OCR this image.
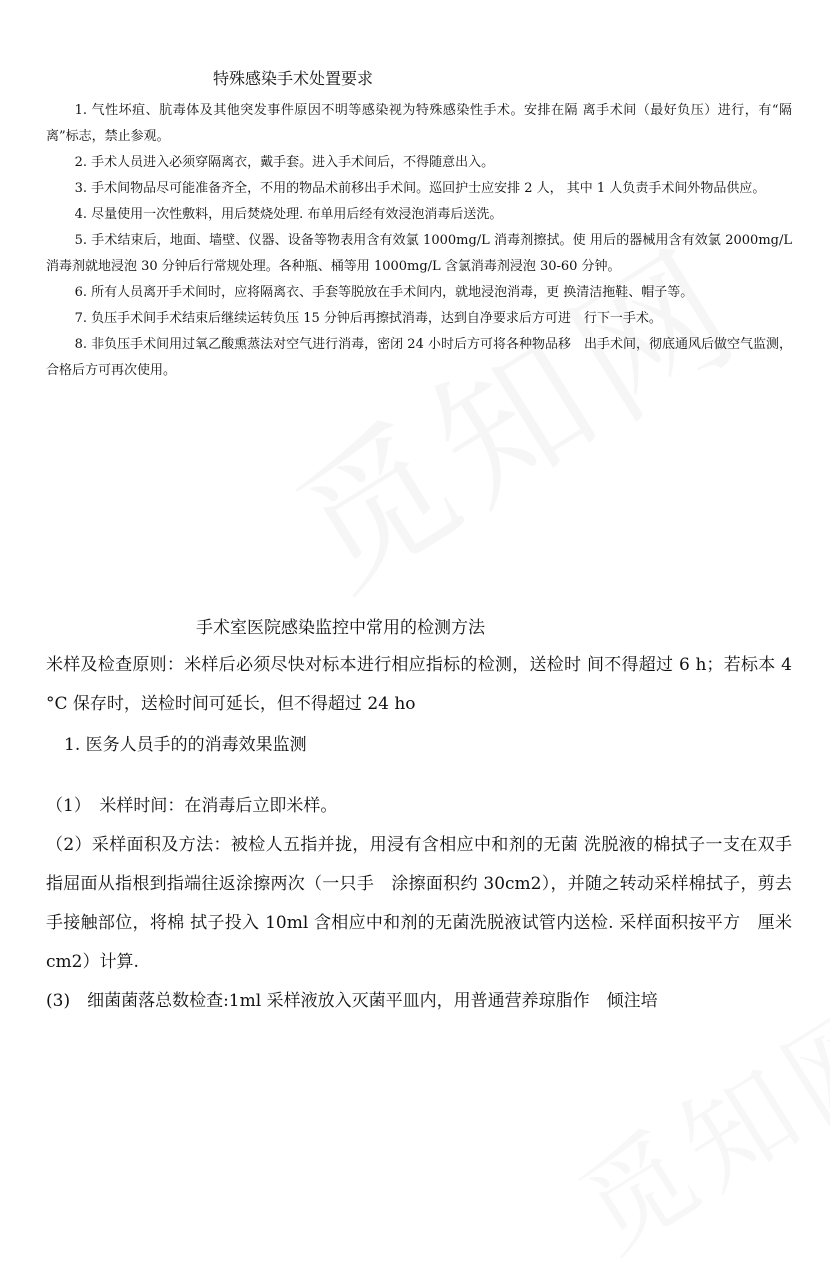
特殊感染手术处置要求

1. 气性坏疽、肮毒体及其他突发事件原因不明等感染视为特殊感染性手术。安排在隔 离手术间（最好负压）进行，有“隔离”标志，禁止参观。

2. 手术人员进入必须穿隔离衣，戴手套。进入手术间后，不得随意出入。

3. 手术间物品尽可能准备齐全，不用的物品术前移出手术间。巡回护士应安排 2 人， 其中 1 人负责手术间外物品供应。

4. 尽量使用一次性敷料，用后焚烧处理. 布单用后经有效浸泡消毒后送洗。

5. 手术结束后，地面、墙壁、仪器、设备等物表用含有效氯 1000mg/L 消毒剂擦拭。使 用后的器械用含有效氯 2000mg/L 消毒剂就地浸泡 30 分钟后行常规处理。各种瓶、桶等用 1000mg/L 含氯消毒剂浸泡 30-60 分钟。

6. 所有人员离开手术间时，应将隔离衣、手套等脱放在手术间内，就地浸泡消毒，更 换清洁拖鞋、帽子等。

7. 负压手术间手术结束后继续运转负压 15 分钟后再擦拭消毒，达到自净要求后方可进　行下一手术。

8. 非负压手术间用过氧乙酸熏蒸法对空气进行消毒，密闭 24 小时后方可将各种物品移　出手术间，彻底通风后做空气监测，合格后方可再次使用。

手术室医院感染监控中常用的检测方法

米样及检查原则：米样后必须尽快对标本进行相应指标的检测，送检时 间不得超过 6 h；若标本 4 °C 保存时，送检时间可延长，但不得超过 24 ho

1. 医务人员手的的消毒效果监测

（1）　米样时间：在消毒后立即米样。

（2）采样面积及方法：被检人五指并拢，用浸有含相应中和剂的无菌 洗脱液的棉拭子一支在双手指屈面从指根到指端往返涂擦两次（一只手　涂擦面积约 30cm2），并随之转动采样棉拭子，剪去手接触部位，将棉 拭子投入 10ml 含相应中和剂的无菌洗脱液试管内送检. 采样面积按平方　厘米 cm2）计算.

(3)　细菌菌落总数检查:1ml 采样液放入灭菌平皿内，用普通营养琼脂作　倾注培
